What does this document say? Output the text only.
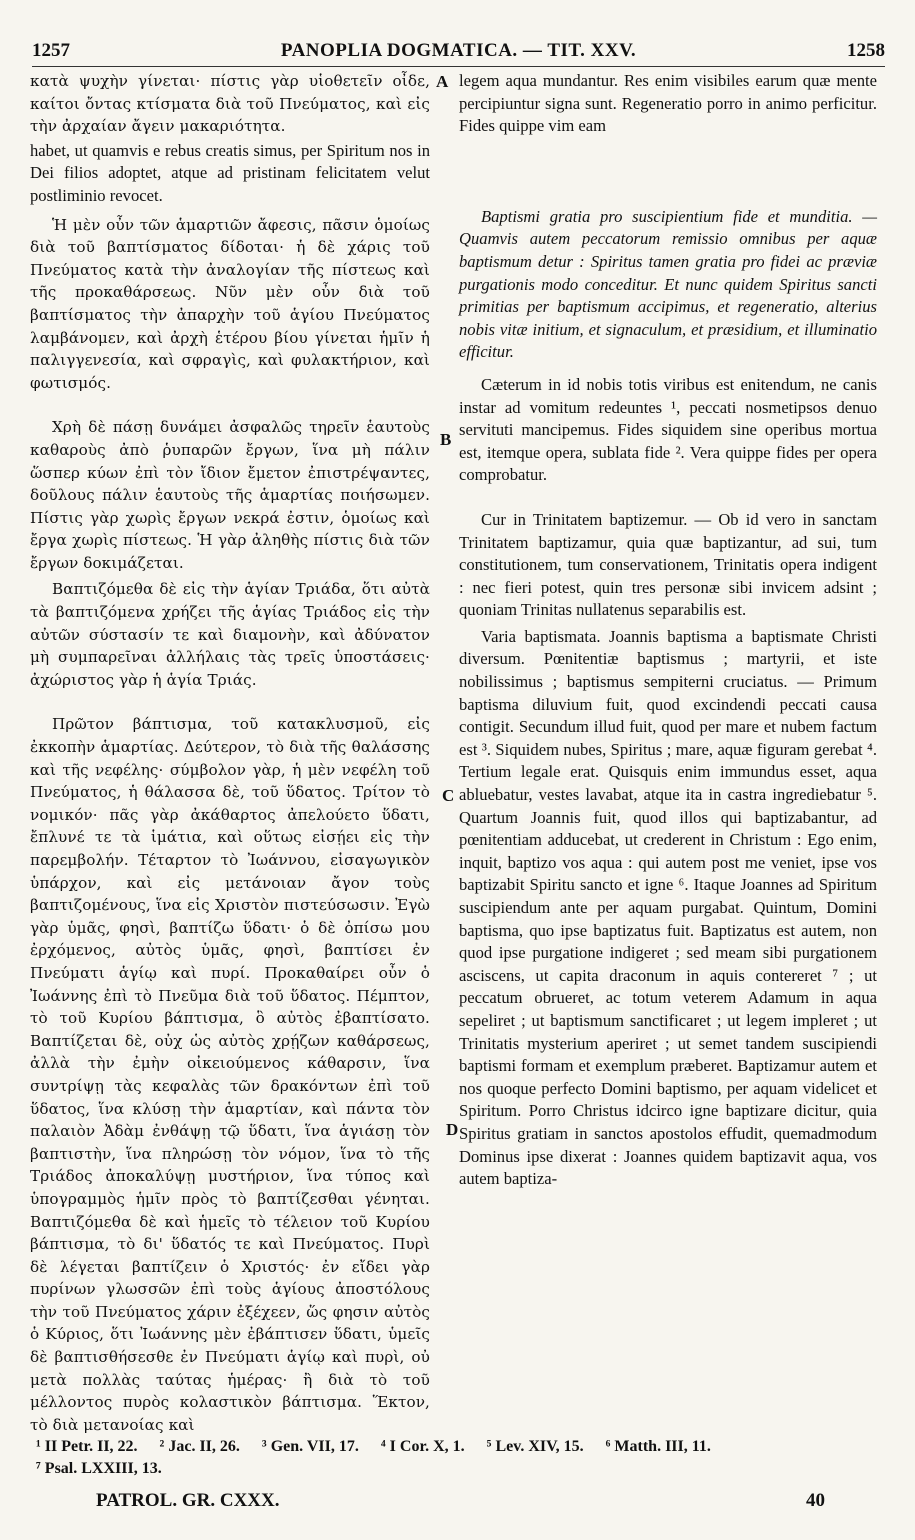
1257	PANOPLIA DOGMATICA. — TIT. XXV.	1258
A
B
C
D

κατὰ ψυχὴν γίνεται· πίστις γὰρ υἱοθετεῖν οἶδε, καίτοι ὄντας κτίσματα διὰ τοῦ Πνεύματος, καὶ εἰς τὴν ἀρχαίαν ἄγειν μακαριότητα.

habet, ut quamvis e rebus creatis simus, per Spiritum nos in Dei filios adoptet, atque ad pristinam felicitatem velut postliminio revocet.

Ἡ μὲν οὖν τῶν ἁμαρτιῶν ἄφεσις, πᾶσιν ὁμοίως διὰ τοῦ βαπτίσματος δίδοται· ἡ δὲ χάρις τοῦ Πνεύματος κατὰ τὴν ἀναλογίαν τῆς πίστεως καὶ τῆς προκαθάρσεως. Νῦν μὲν οὖν διὰ τοῦ βαπτίσματος τὴν ἀπαρχὴν τοῦ ἁγίου Πνεύματος λαμβάνομεν, καὶ ἀρχὴ ἑτέρου βίου γίνεται ἡμῖν ἡ παλιγγενεσία, καὶ σφραγὶς, καὶ φυλακτήριον, καὶ φωτισμός.

Χρὴ δὲ πάσῃ δυνάμει ἀσφαλῶς τηρεῖν ἑαυτοὺς καθαροὺς ἀπὸ ῥυπαρῶν ἔργων, ἵνα μὴ πάλιν ὥσπερ κύων ἐπὶ τὸν ἴδιον ἔμετον ἐπιστρέψαντες, δοῦλους πάλιν ἑαυτοὺς τῆς ἁμαρτίας ποιήσωμεν. Πίστις γὰρ χωρὶς ἔργων νεκρά ἐστιν, ὁμοίως καὶ ἔργα χωρὶς πίστεως. Ἡ γὰρ ἀληθὴς πίστις διὰ τῶν ἔργων δοκιμάζεται.

Βαπτιζόμεθα δὲ εἰς τὴν ἁγίαν Τριάδα, ὅτι αὐτὰ τὰ βαπτιζόμενα χρήζει τῆς ἁγίας Τριάδος εἰς τὴν αὐτῶν σύστασίν τε καὶ διαμονὴν, καὶ ἀδύνατον μὴ συμπαρεῖναι ἀλλήλαις τὰς τρεῖς ὑποστάσεις· ἀχώριστος γὰρ ἡ ἁγία Τριάς.

Πρῶτον βάπτισμα, τοῦ κατακλυσμοῦ, εἰς ἐκκοπὴν ἁμαρτίας. Δεύτερον, τὸ διὰ τῆς θαλάσσης καὶ τῆς νεφέλης· σύμβολον γὰρ, ἡ μὲν νεφέλη τοῦ Πνεύματος, ἡ θάλασσα δὲ, τοῦ ὕδατος. Τρίτον τὸ νομικόν· πᾶς γὰρ ἀκάθαρτος ἀπελούετο ὕδατι, ἔπλυνέ τε τὰ ἱμάτια, καὶ οὕτως εἰσῄει εἰς τὴν παρεμβολήν. Τέταρτον τὸ Ἰωάννου, εἰσαγωγικὸν ὑπάρχον, καὶ εἰς μετάνοιαν ἄγον τοὺς βαπτιζομένους, ἵνα εἰς Χριστὸν πιστεύσωσιν. Ἐγὼ γὰρ ὑμᾶς, φησὶ, βαπτίζω ὕδατι· ὁ δὲ ὀπίσω μου ἐρχόμενος, αὐτὸς ὑμᾶς, φησὶ, βαπτίσει ἐν Πνεύματι ἁγίῳ καὶ πυρί. Προκαθαίρει οὖν ὁ Ἰωάννης ἐπὶ τὸ Πνεῦμα διὰ τοῦ ὕδατος. Πέμπτον, τὸ τοῦ Κυρίου βάπτισμα, ὃ αὐτὸς ἐβαπτίσατο. Βαπτίζεται δὲ, οὐχ ὡς αὐτὸς χρῄζων καθάρσεως, ἀλλὰ τὴν ἐμὴν οἰκειούμενος κάθαρσιν, ἵνα συντρίψῃ τὰς κεφαλὰς τῶν δρακόντων ἐπὶ τοῦ ὕδατος, ἵνα κλύσῃ τὴν ἁμαρτίαν, καὶ πάντα τὸν παλαιὸν Ἀδὰμ ἐνθάψῃ τῷ ὕδατι, ἵνα ἁγιάσῃ τὸν βαπτιστὴν, ἵνα πληρώσῃ τὸν νόμον, ἵνα τὸ τῆς Τριάδος ἀποκαλύψῃ μυστήριον, ἵνα τύπος καὶ ὑπογραμμὸς ἡμῖν πρὸς τὸ βαπτίζεσθαι γένηται. Βαπτιζόμεθα δὲ καὶ ἡμεῖς τὸ τέλειον τοῦ Κυρίου βάπτισμα, τὸ δι' ὕδατός τε καὶ Πνεύματος. Πυρὶ δὲ λέγεται βαπτίζειν ὁ Χριστός· ἐν εἴδει γὰρ πυρίνων γλωσσῶν ἐπὶ τοὺς ἁγίους ἀποστόλους τὴν τοῦ Πνεύματος χάριν ἐξέχεεν, ὥς φησιν αὐτὸς ὁ Κύριος, ὅτι Ἰωάννης μὲν ἐβάπτισεν ὕδατι, ὑμεῖς δὲ βαπτισθήσεσθε ἐν Πνεύματι ἁγίῳ καὶ πυρὶ, οὐ μετὰ πολλὰς ταύτας ἡμέρας· ἢ διὰ τὸ τοῦ μέλλοντος πυρὸς κολαστικὸν βάπτισμα. Ἕκτον, τὸ διὰ μετανοίας καὶ

legem aqua mundantur. Res enim visibiles earum quæ mente percipiuntur signa sunt. Regeneratio porro in animo perficitur. Fides quippe vim eam

Baptismi gratia pro suscipientium fide et munditia. — Quamvis autem peccatorum remissio omnibus per aquæ baptismum detur : Spiritus tamen gratia pro fidei ac præviæ purgationis modo conceditur. Et nunc quidem Spiritus sancti primitias per baptismum accipimus, et regeneratio, alterius nobis vitæ initium, et signaculum, et præsidium, et illuminatio efficitur.

Cæterum in id nobis totis viribus est enitendum, ne canis instar ad vomitum redeuntes ¹, peccati nosmetipsos denuo servituti mancipemus. Fides siquidem sine operibus mortua est, itemque opera, sublata fide ². Vera quippe fides per opera comprobatur.

Cur in Trinitatem baptizemur. — Ob id vero in sanctam Trinitatem baptizamur, quia quæ baptizantur, ad sui, tum constitutionem, tum conservationem, Trinitatis opera indigent : nec fieri potest, quin tres personæ sibi invicem adsint ; quoniam Trinitas nullatenus separabilis est.

Varia baptismata. Joannis baptisma a baptismate Christi diversum. Pœnitentiæ baptismus ; martyrii, et iste nobilissimus ; baptismus sempiterni cruciatus. — Primum baptisma diluvium fuit, quod excindendi peccati causa contigit. Secundum illud fuit, quod per mare et nubem factum est ³. Siquidem nubes, Spiritus ; mare, aquæ figuram gerebat ⁴. Tertium legale erat. Quisquis enim immundus esset, aqua abluebatur, vestes lavabat, atque ita in castra ingrediebatur ⁵. Quartum Joannis fuit, quod illos qui baptizabantur, ad pœnitentiam adducebat, ut crederent in Christum : Ego enim, inquit, baptizo vos aqua : qui autem post me veniet, ipse vos baptizabit Spiritu sancto et igne ⁶. Itaque Joannes ad Spiritum suscipiendum ante per aquam purgabat. Quintum, Domini baptisma, quo ipse baptizatus fuit. Baptizatus est autem, non quod ipse purgatione indigeret ; sed meam sibi purgationem asciscens, ut capita draconum in aquis contereret ⁷ ; ut peccatum obrueret, ac totum veterem Adamum in aqua sepeliret ; ut baptismum sanctificaret ; ut legem impleret ; ut Trinitatis mysterium aperiret ; ut semet tandem suscipiendi baptismi formam et exemplum præberet. Baptizamur autem et nos quoque perfecto Domini baptismo, per aquam videlicet et Spiritum. Porro Christus idcirco igne baptizare dicitur, quia Spiritus gratiam in sanctos apostolos effudit, quemadmodum Dominus ipse dixerat : Joannes quidem baptizavit aqua, vos autem baptiza-

¹ II Petr. II, 22. ² Jac. II, 26. ³ Gen. VII, 17. ⁴ I Cor. X, 1. ⁵ Lev. XIV, 15. ⁶ Matth. III, 11.
⁷ Psal. LXXIII, 13.
PATROL. GR. CXXX.	40
